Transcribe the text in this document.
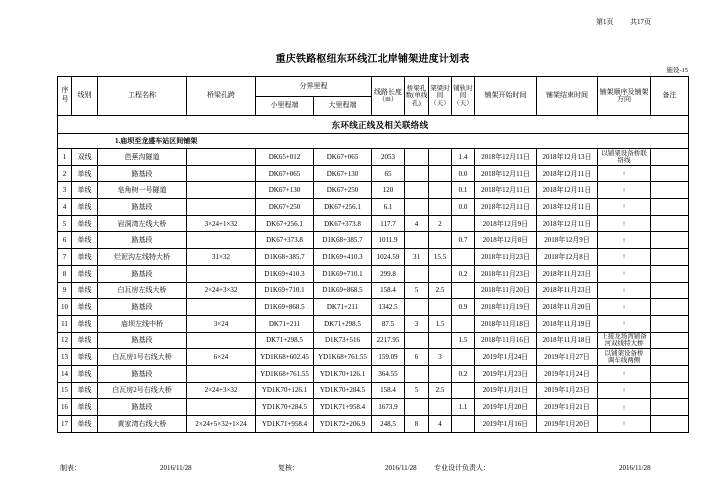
第1页 共17页
重庆铁路枢纽东环线江北岸铺架进度计划表
施设-15
序号	线别	工程名称	桥梁孔跨	分界里程		线路长度
（m）	桥梁孔
数(单线
孔)	架梁时
间
（天）	铺轨时
间
（天）	铺架开始时间	铺架结束时间	铺架顺序及铺架
方向	备注
				小里程端	大里程端								
东环线正线及相关联络线													
1.庙坝至龙盛车站区间铺架													
1	双线	芭蕉沟隧道		DK65+012	DK67+065	2053			1.4	2018年12月11日	2018年12月13日	以铺架设备桥联
络线	
2	单线	路基段		DK67+065	DK67+130	65			0.0	2018年12月11日	2018年12月11日	↑	
3	单线	皂角树一号隧道		DK67+130	DK67+250	120			0.1	2018年12月11日	2018年12月11日	↑	
4	单线	路基段		DK67+250	DK67+256.1	6.1			0.0	2018年12月11日	2018年12月11日	↑	
5	单线	岩洞湾左线大桥	3×24+1×32	DK67+256.1	DK67+373.8	117.7	4	2		2018年12月9日	2018年12月11日	↑	
6	单线	路基段		DK67+373.8	D1K68+385.7	1011.9			0.7	2018年12月8日	2018年12月9日	↑	
7	单线	烂泥沟左线特大桥	31×32	D1K68+385.7	D1K69+410.3	1024.59	31	15.5		2018年11月23日	2018年12月8日	↑	
8	单线	路基段		D1K69+410.3	D1K69+710.1	299.8			0.2	2018年11月23日	2018年11月23日	↑	
9	单线	白瓦房左线大桥	2×24+3×32	D1K69+710.1	D1K69+868.5	158.4	5	2.5		2018年11月20日	2018年11月23日	↑	
10	单线	路基段		D1K69+868.5	DK71+211	1342.5			0.9	2018年11月19日	2018年11月20日	↑	
11	单线	庙坝左线中桥	3×24	DK71+211	DK71+298.5	87.5	3	1.5		2018年11月18日	2018年11月19日	↑	
12	单线	路基段		DK71+298.5	D1K73+516	2217.95			1.5	2018年11月16日	2018年11月18日	上接龙场湾铺备
河双线特大桥	
13	单线	白瓦房1号右线大桥	6×24	YD1K68+602.45	YD1K68+761.55	159.09	6	3		2019年1月24日	2019年1月27日	以铺架设备桥
调车线两侧	
14	单线	路基段		YD1K68+761.55	YD1K70+126.1	364.55			0.2	2019年1月23日	2019年1月24日	↑	
15	单线	白瓦房2号右线大桥	2×24+3×32	YD1K70+126.1	YD1K70+284.5	158.4	5	2.5		2019年1月21日	2019年1月23日	↑	
16	单线	路基段		YD1K70+284.5	YD1K71+958.4	1673.9			1.1	2019年1月20日	2019年1月21日	↑	
17	单线	黄家湾右线大桥	2×24+5×32+1×24	YD1K71+958.4	YD1K72+206.9	248.5	8	4		2019年1月16日	2019年1月20日	↑	
制表：	2016/11/28	复核：	2016/11/28 专业设计负责人：	2016/11/28
